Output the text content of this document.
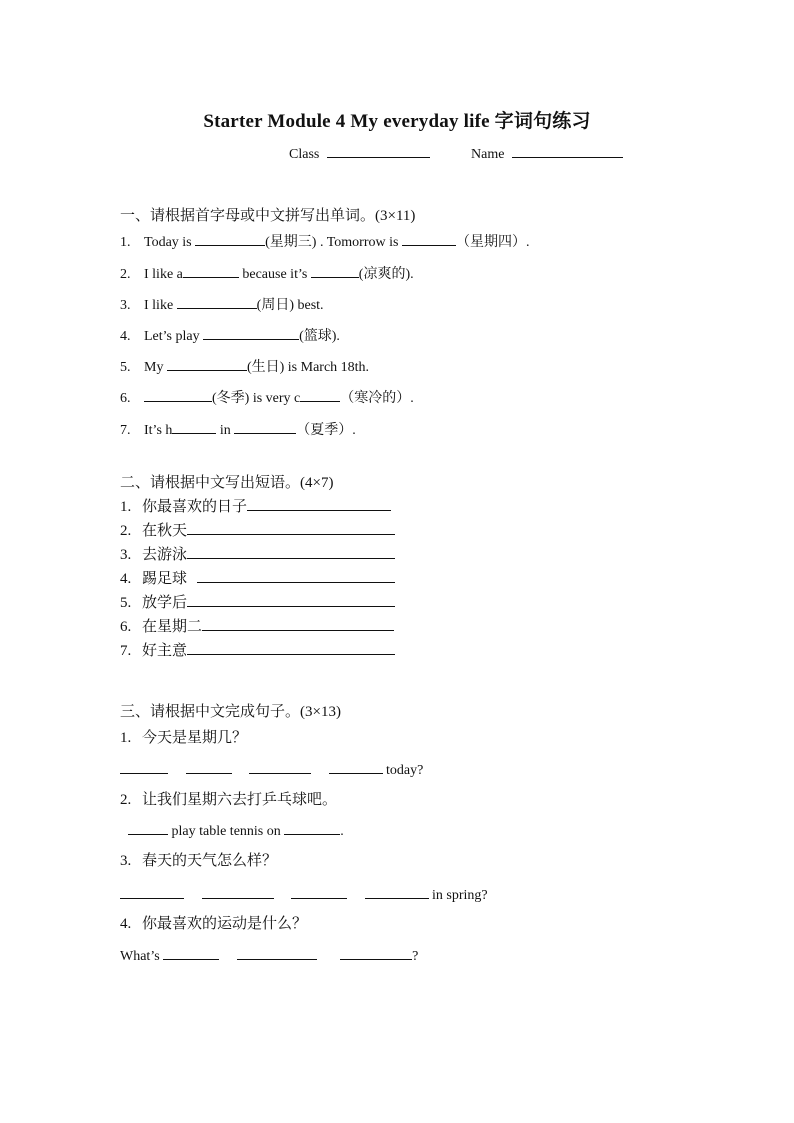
Starter Module 4 My everyday life 字词句练习
Class	Name
一、请根据首字母或中文拼写出单词。(3×11)
1. Today is	(星期三) . Tomorrow is	（星期四）.
2. I like a	because it’s	(凉爽的).
3. I like	(周日) best.
4. Let’s play	(篮球).
5. My	(生日) is March 18th.
6.	(冬季) is very c	（寒冷的）.
7. It’s h	in	（夏季）.
二、请根据中文写出短语。(4×7)
1. 你最喜欢的日子
2. 在秋天
3. 去游泳
4. 踢足球
5. 放学后
6. 在星期二
7. 好主意
三、请根据中文完成句子。(3×13)
1. 今天是星期几？
today?
2. 让我们星期六去打乒乓球吧。
play table tennis on	.
3. 春天的天气怎么样？
in spring?
4. 你最喜欢的运动是什么？
What’s	?
